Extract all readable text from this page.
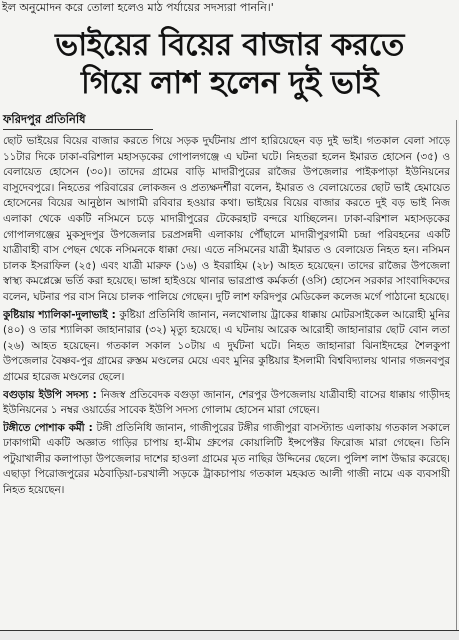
ইল অনুমোদন করে তোলা হলেও মাঠ পর্যায়ের সদস্যরা পাননি।'
ভাইয়ের বিয়ের বাজার করতে
গিয়ে লাশ হলেন দুই ভাই
ফরিদপুর প্রতিনিধি

ছোট ভাইয়ের বিয়ের বাজার করতে গিয়ে সড়ক দুর্ঘটনায় প্রাণ হারিয়েছেন বড় দুই ভাই। গতকাল বেলা সাড়ে ১১টার দিকে ঢাকা-বরিশাল মহাসড়কের গোপালগঞ্জে এ ঘটনা ঘটে। নিহতরা হলেন ইমারত হোসেন (৩৫) ও বেলায়েত হোসেন (৩০)। তাদের গ্রামের বাড়ি মাদারীপুরের রাজৈর উপজেলার পাইকপাড়া ইউনিয়নের বাসুদেবপুরে। নিহতের পরিবারের লোকজন ও প্রত্যক্ষদর্শীরা বলেন, ইমারত ও বেলায়েতের ছোট ভাই হেমায়েত হোসেনের বিয়ের আনুষ্ঠান আগামী রবিবার হওয়ার কথা। ভাইয়ের বিয়ের বাজার করতে দুই বড় ভাই নিজ এলাকা থেকে একটি নসিমনে চড়ে মাদারীপুরের টেকেরহাট বন্দরে যাচ্ছিলেন। ঢাকা-বরিশাল মহাসড়কের গোপালগঞ্জের মুকসুদপুর উপজেলার চরপ্রসন্নদী এলাকায় পৌঁছালে মাদারীপুরগামী চন্দ্রা পরিবহনের একটি যাত্রীবাহী বাস পেছন থেকে নসিমনকে ধাক্কা দেয়। এতে নসিমনের যাত্রী ইমারত ও বেলায়েত নিহত হন। নসিমন চালক ইসরাফিল (২৫) এবং যাত্রী মারুফ (১৬) ও ইবরাহিম (২৮) আহত হয়েছেন। তাদের রাজৈর উপজেলা স্বাস্থ্য কমপ্লেক্সে ভর্তি করা হয়েছে। ভাঙ্গা হাইওয়ে থানার ভারপ্রাপ্ত কর্মকর্তা (ওসি) হোসেন সরকার সাংবাদিকদের বলেন, ঘটনার পর বাস নিয়ে চালক পালিয়ে গেছেন। দুটি লাশ ফরিদপুর মেডিকেল কলেজ মর্গে পাঠানো হয়েছে।

কুষ্টিয়ায় শ্যালিকা-দুলাভাই : কুষ্টিয়া প্রতিনিধি জানান, নলখোলায় ট্রাকের ধাক্কায় মোটরসাইকেল আরোহী মুনির (৪০) ও তার শ্যালিকা জাহানারার (৩২) মৃত্যু হয়েছে। এ ঘটনায় আরেক আরোহী জাহানারার ছোট বোন লতা (২৬) আহত হয়েছেন। গতকাল সকাল ১০টায় এ দুর্ঘটনা ঘটে। নিহত জাহানারা ঝিনাইদহের শৈলকুপা উপজেলার বৈষ্ণব-পুর গ্রামের রুস্তম মণ্ডলের মেয়ে এবং মুনির কুষ্টিয়ার ইসলামী বিশ্ববিদ্যালয় থানার গজনবপুর গ্রামের হারেজ মণ্ডলের ছেলে।

বগুড়ায় ইউপি সদস্য : নিজস্ব প্রতিবেদক বগুড়া জানান, শেরপুর উপজেলায় যাত্রীবাহী বাসের ধাক্কায় গাড়ীদহ ইউনিয়নের ১ নম্বর ওয়ার্ডের সাবেক ইউপি সদস্য গোলাম হোসেন মারা গেছেন।

টঙ্গীতে পোশাক কর্মী : টঙ্গী প্রতিনিধি জানান, গাজীপুরের টঙ্গীর গাজীপুরা বাসস্ট্যান্ড এলাকায় গতকাল সকালে ঢাকাগামী একটি অজ্ঞাত গাড়ির চাপায় হা-মীম গ্রুপের কোয়ালিটি ইন্সপেক্টর ফিরোজ মারা গেছেন। তিনি পটুয়াখালীর কলাপাড়া উপজেলার দাশের হাওলা গ্রামের মৃত নাছির উদ্দিনের ছেলে। পুলিশ লাশ উদ্ধার করেছে। এছাড়া পিরোজপুরের মঠবাড়িয়া-চরখালী সড়কে ট্রাকচাপায় গতকাল মহব্বত আলী গাজী নামে এক ব্যবসায়ী নিহত হয়েছেন।
